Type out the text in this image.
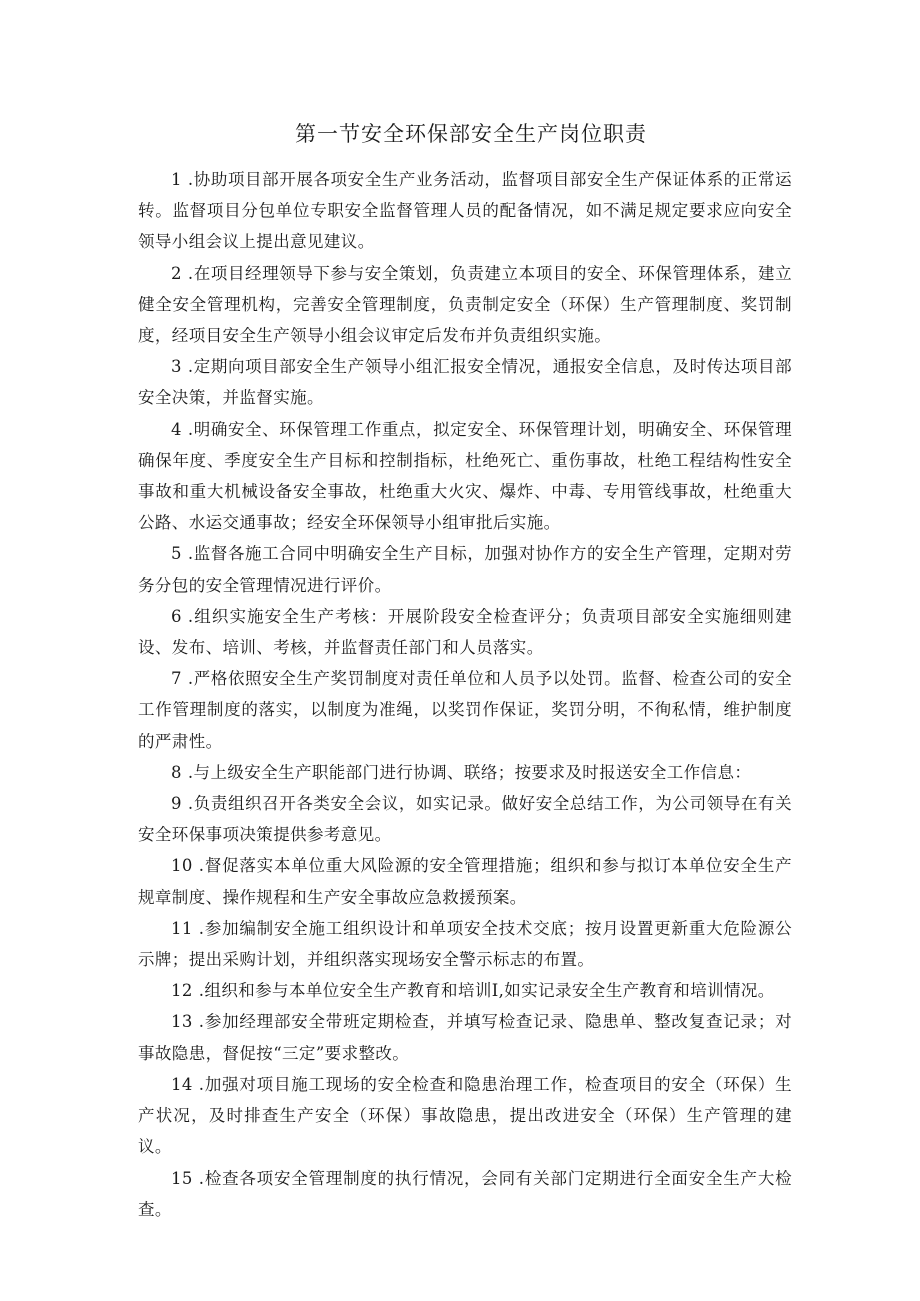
第一节安全环保部安全生产岗位职责

1 .协助项目部开展各项安全生产业务活动，监督项目部安全生产保证体系的正常运转。监督项目分包单位专职安全监督管理人员的配备情况，如不满足规定要求应向安全领导小组会议上提出意见建议。

2 .在项目经理领导下参与安全策划，负责建立本项目的安全、环保管理体系，建立健全安全管理机构，完善安全管理制度，负责制定安全（环保）生产管理制度、奖罚制度，经项目安全生产领导小组会议审定后发布并负责组织实施。

3 .定期向项目部安全生产领导小组汇报安全情况，通报安全信息，及时传达项目部安全决策，并监督实施。

4 .明确安全、环保管理工作重点，拟定安全、环保管理计划，明确安全、环保管理确保年度、季度安全生产目标和控制指标，杜绝死亡、重伤事故，杜绝工程结构性安全事故和重大机械设备安全事故，杜绝重大火灾、爆炸、中毒、专用管线事故，杜绝重大公路、水运交通事故；经安全环保领导小组审批后实施。

5 .监督各施工合同中明确安全生产目标，加强对协作方的安全生产管理，定期对劳务分包的安全管理情况进行评价。

6 .组织实施安全生产考核：开展阶段安全检查评分；负责项目部安全实施细则建设、发布、培训、考核，并监督责任部门和人员落实。

7 .严格依照安全生产奖罚制度对责任单位和人员予以处罚。监督、检查公司的安全工作管理制度的落实，以制度为准绳，以奖罚作保证，奖罚分明，不徇私情，维护制度的严肃性。

8 .与上级安全生产职能部门进行协调、联络；按要求及时报送安全工作信息：

9 .负责组织召开各类安全会议，如实记录。做好安全总结工作，为公司领导在有关安全环保事项决策提供参考意见。

10 .督促落实本单位重大风险源的安全管理措施；组织和参与拟订本单位安全生产规章制度、操作规程和生产安全事故应急救援预案。

11 .参加编制安全施工组织设计和单项安全技术交底；按月设置更新重大危险源公示牌；提出采购计划，并组织落实现场安全警示标志的布置。

12 .组织和参与本单位安全生产教育和培训I,如实记录安全生产教育和培训情况。

13 .参加经理部安全带班定期检查，并填写检查记录、隐患单、整改复查记录；对事故隐患，督促按“三定”要求整改。

14 .加强对项目施工现场的安全检查和隐患治理工作，检查项目的安全（环保）生产状况，及时排查生产安全（环保）事故隐患，提出改进安全（环保）生产管理的建议。

15 .检查各项安全管理制度的执行情况，会同有关部门定期进行全面安全生产大检查。
